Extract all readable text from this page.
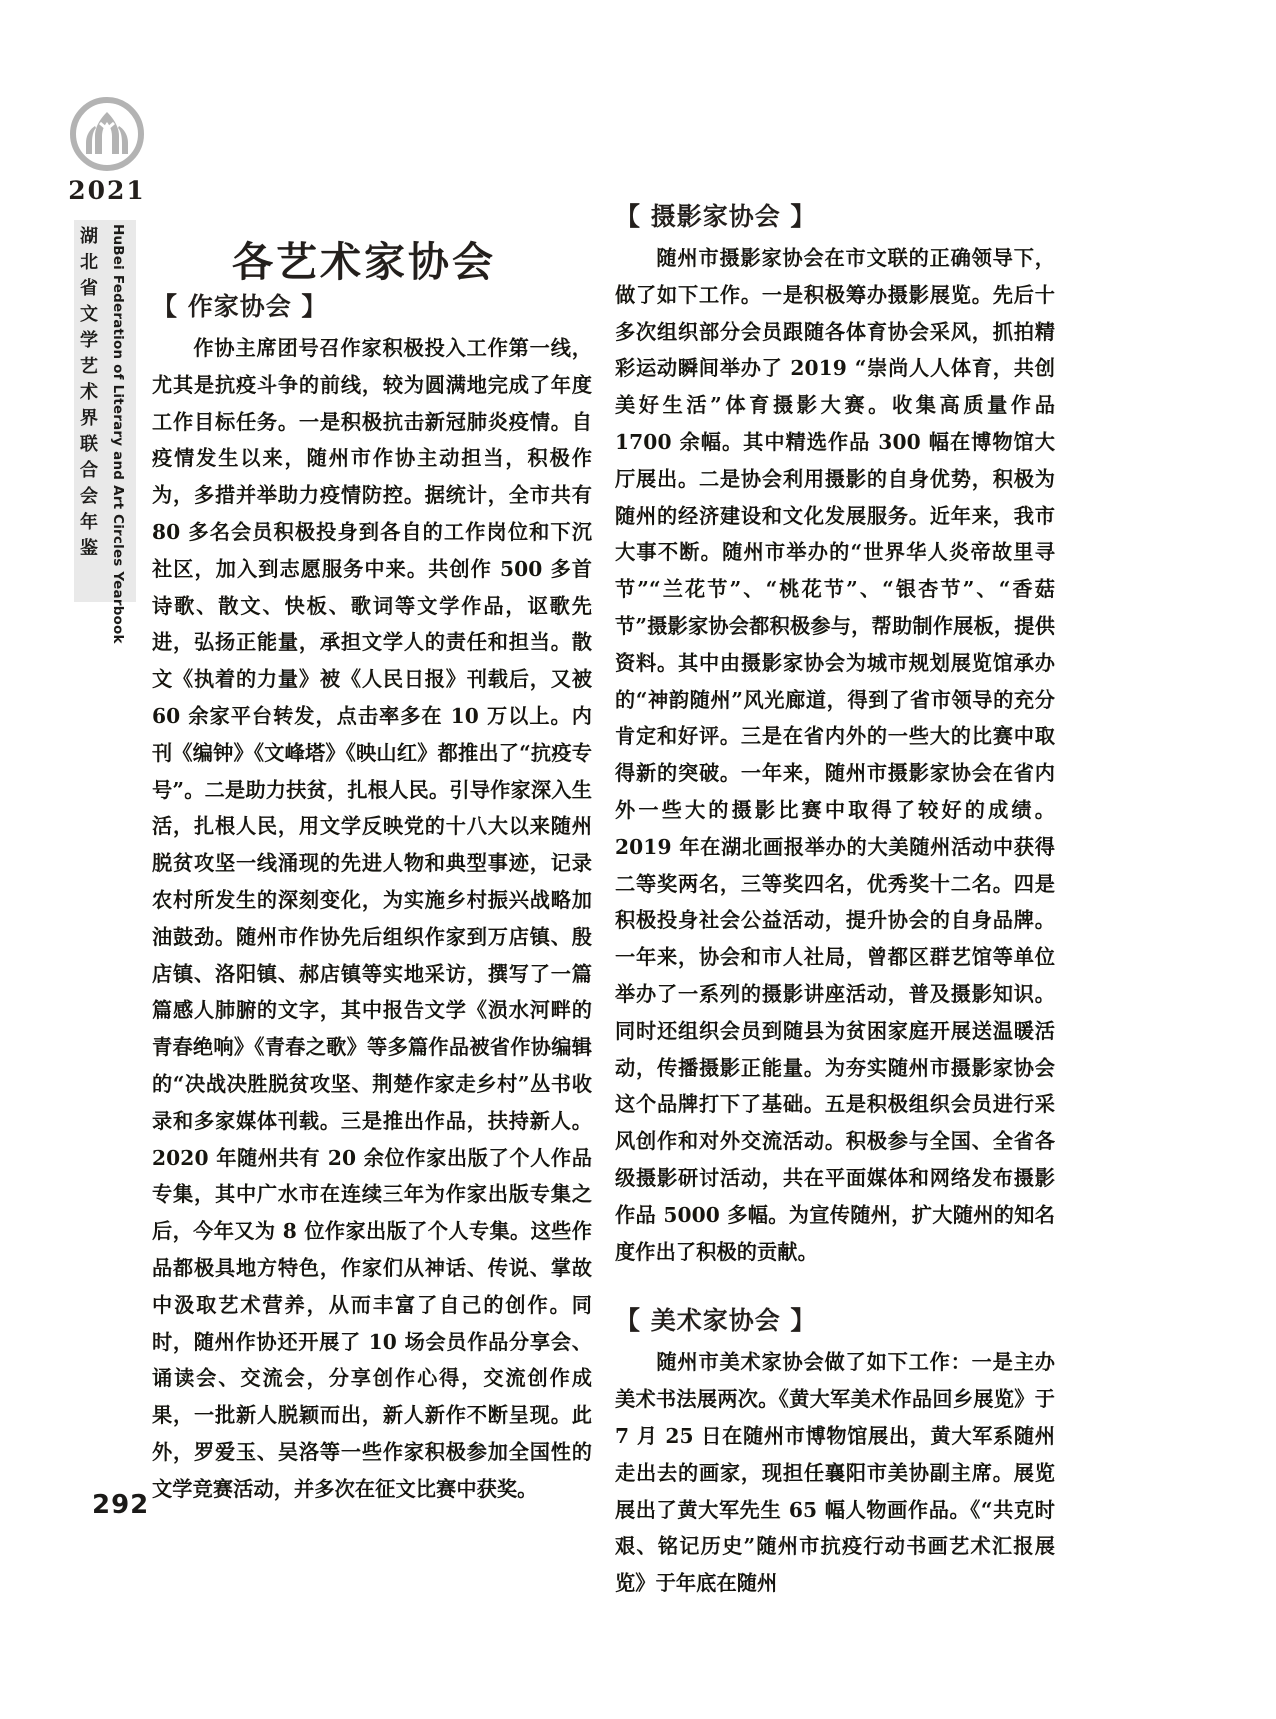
2021
湖北省文学艺术界联合会年鉴 HuBei Federation of Literary and Art Circles Yearbook
292
各艺术家协会
【 作家协会 】

作协主席团号召作家积极投入工作第一线，尤其是抗疫斗争的前线，较为圆满地完成了年度工作目标任务。一是积极抗击新冠肺炎疫情。自疫情发生以来，随州市作协主动担当，积极作为，多措并举助力疫情防控。据统计，全市共有 80 多名会员积极投身到各自的工作岗位和下沉社区，加入到志愿服务中来。共创作 500 多首诗歌、散文、快板、歌词等文学作品，讴歌先进，弘扬正能量，承担文学人的责任和担当。散文《执着的力量》被《人民日报》刊载后，又被 60 余家平台转发，点击率多在 10 万以上。内刊《编钟》《文峰塔》《映山红》都推出了“抗疫专号”。二是助力扶贫，扎根人民。引导作家深入生活，扎根人民，用文学反映党的十八大以来随州脱贫攻坚一线涌现的先进人物和典型事迹，记录农村所发生的深刻变化，为实施乡村振兴战略加油鼓劲。随州市作协先后组织作家到万店镇、殷店镇、洛阳镇、郝店镇等实地采访，撰写了一篇篇感人肺腑的文字，其中报告文学《涢水河畔的青春绝响》《青春之歌》等多篇作品被省作协编辑的“决战决胜脱贫攻坚、荆楚作家走乡村”丛书收录和多家媒体刊载。三是推出作品，扶持新人。2020 年随州共有 20 余位作家出版了个人作品专集，其中广水市在连续三年为作家出版专集之后，今年又为 8 位作家出版了个人专集。这些作品都极具地方特色，作家们从神话、传说、掌故中汲取艺术营养，从而丰富了自己的创作。同时，随州作协还开展了 10 场会员作品分享会、诵读会、交流会，分享创作心得，交流创作成果，一批新人脱颖而出，新人新作不断呈现。此外，罗爱玉、吴洛等一些作家积极参加全国性的文学竞赛活动，并多次在征文比赛中获奖。

【 摄影家协会 】

随州市摄影家协会在市文联的正确领导下，做了如下工作。一是积极筹办摄影展览。先后十多次组织部分会员跟随各体育协会采风，抓拍精彩运动瞬间举办了 2019 “崇尚人人体育，共创美好生活”体育摄影大赛。收集高质量作品 1700 余幅。其中精选作品 300 幅在博物馆大厅展出。二是协会利用摄影的自身优势，积极为随州的经济建设和文化发展服务。近年来，我市大事不断。随州市举办的“世界华人炎帝故里寻节”“兰花节”、“桃花节”、“银杏节”、“香菇节”摄影家协会都积极参与，帮助制作展板，提供资料。其中由摄影家协会为城市规划展览馆承办的“神韵随州”风光廊道，得到了省市领导的充分肯定和好评。三是在省内外的一些大的比赛中取得新的突破。一年来，随州市摄影家协会在省内外一些大的摄影比赛中取得了较好的成绩。2019 年在湖北画报举办的大美随州活动中获得二等奖两名，三等奖四名，优秀奖十二名。四是积极投身社会公益活动，提升协会的自身品牌。一年来，协会和市人社局，曾都区群艺馆等单位举办了一系列的摄影讲座活动，普及摄影知识。同时还组织会员到随县为贫困家庭开展送温暖活动，传播摄影正能量。为夯实随州市摄影家协会这个品牌打下了基础。五是积极组织会员进行采风创作和对外交流活动。积极参与全国、全省各级摄影研讨活动，共在平面媒体和网络发布摄影作品 5000 多幅。为宣传随州，扩大随州的知名度作出了积极的贡献。

【 美术家协会 】

随州市美术家协会做了如下工作：一是主办美术书法展两次。《黄大军美术作品回乡展览》于 7 月 25 日在随州市博物馆展出，黄大军系随州走出去的画家，现担任襄阳市美协副主席。展览展出了黄大军先生 65 幅人物画作品。《“共克时艰、铭记历史”随州市抗疫行动书画艺术汇报展览》于年底在随州
